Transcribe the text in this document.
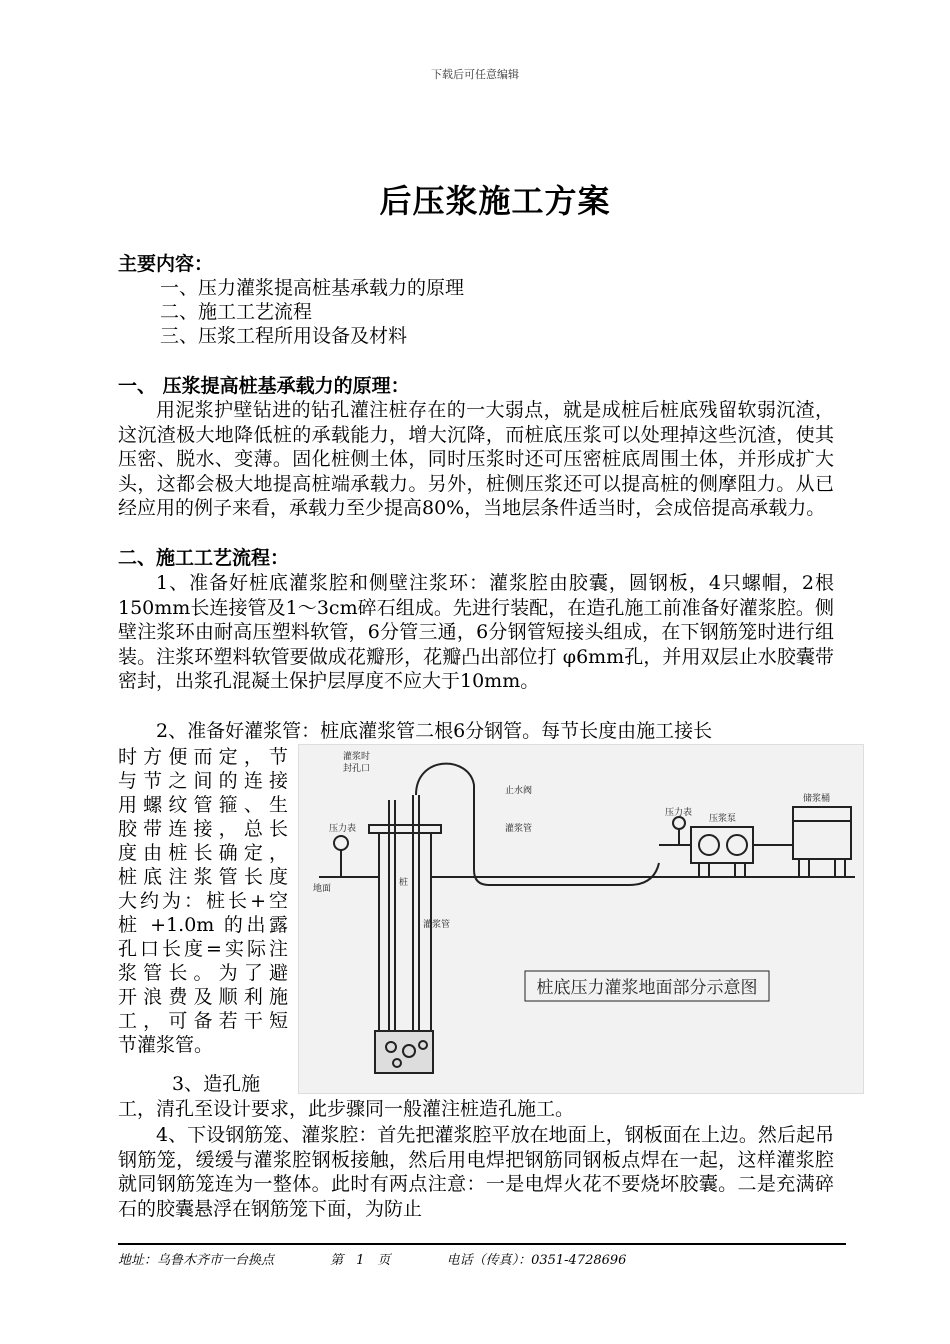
下载后可任意编辑
后压浆施工方案
主要内容：
一、压力灌浆提高桩基承载力的原理
二、施工工艺流程
三、压浆工程所用设备及材料
一、 压浆提高桩基承载力的原理：
用泥浆护壁钻进的钻孔灌注桩存在的一大弱点，就是成桩后桩底残留软弱沉渣，这沉渣极大地降低桩的承载能力，增大沉降，而桩底压浆可以处理掉这些沉渣，使其压密、脱水、变薄。固化桩侧土体，同时压浆时还可压密桩底周围土体，并形成扩大头，这都会极大地提高桩端承载力。另外，桩侧压浆还可以提高桩的侧摩阻力。从已经应用的例子来看，承载力至少提高80%，当地层条件适当时，会成倍提高承载力。
二、施工工艺流程：
1、准备好桩底灌浆腔和侧壁注浆环：灌浆腔由胶囊，圆钢板，4只螺帽，2根150mm长连接管及1～3cm碎石组成。先进行装配，在造孔施工前准备好灌浆腔。侧壁注浆环由耐高压塑料软管，6分管三通，6分钢管短接头组成，在下钢筋笼时进行组装。注浆环塑料软管要做成花瓣形，花瓣凸出部位打 φ6mm孔，并用双层止水胶囊带密封，出浆孔混凝土保护层厚度不应大于10mm。
2、准备好灌浆管：桩底灌浆管二根6分钢管。每节长度由施工接长
时方便而定，节
与节之间的连接
用螺纹管箍、生
胶带连接，总长
度由桩长确定，
桩底注浆管长度
大约为：桩长+空
桩 +1.0m 的出露
孔口长度=实际注
浆管长。为了避
开浪费及顺利施
工，可备若干短
节灌浆管。
3、造孔施
工，清孔至设计要求，此步骤同一般灌注桩造孔施工。
4、下设钢筋笼、灌浆腔：首先把灌浆腔平放在地面上，钢板面在上边。然后起吊钢筋笼，缓缓与灌浆腔钢板接触，然后用电焊把钢筋同钢板点焊在一起，这样灌浆腔就同钢筋笼连为一整体。此时有两点注意：一是电焊火花不要烧坏胶囊。二是充满碎石的胶囊悬浮在钢筋笼下面，为防止
桩底压力灌浆地面部分示意图
灌浆时
封孔口
压力表
止水阀
灌浆管
压力表
压浆泵
储浆桶
地面
桩
灌浆管
地址：乌鲁木齐市一台换点	第　1　页	电话（传真）：0351-4728696
